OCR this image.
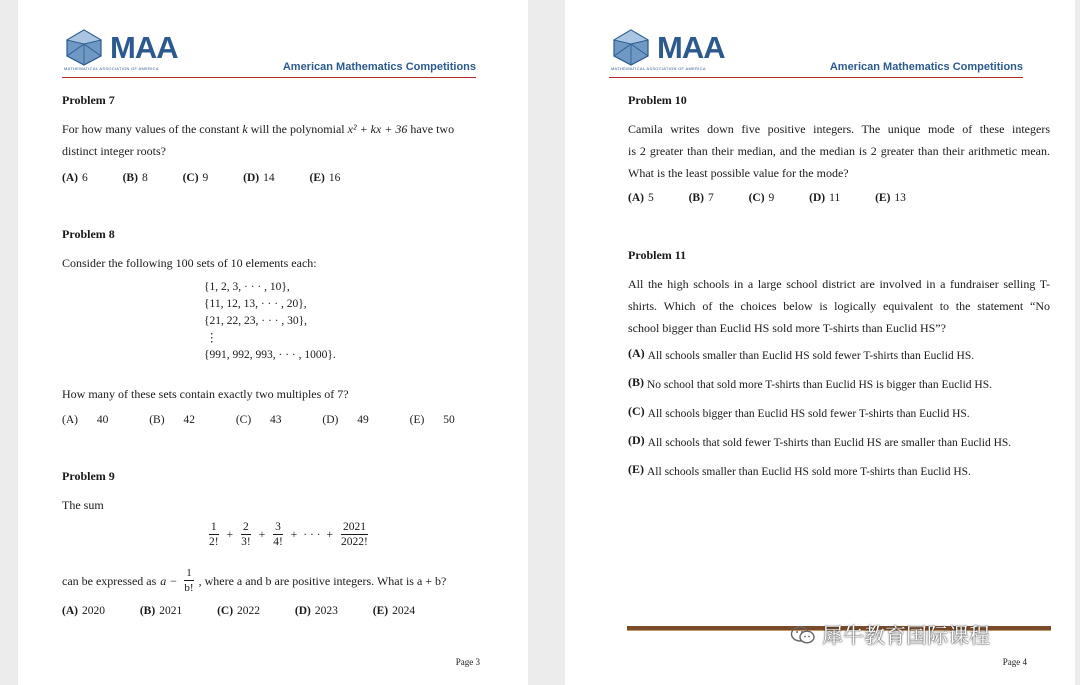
MAA
MATHEMATICAL ASSOCIATION OF AMERICA	American Mathematics Competitions
Problem 7
For how many values of the constant k will the polynomial x² + kx + 36 have two
distinct integer roots?
(A) 6	(B) 8	(C) 9	(D) 14	(E) 16
Problem 8
Consider the following 100 sets of 10 elements each:
{1, 2, 3, · · · , 10},
{11, 12, 13, · · · , 20},
{21, 22, 23, · · · , 30},
⋮
{991, 992, 993, · · · , 1000}.
How many of these sets contain exactly two multiples of 7?
(A) 40	(B) 42	(C) 43	(D) 49	(E) 50
Problem 9
The sum
$\frac{1}{2!} + \frac{2}{3!} + \frac{3}{4!}$ + · · · + $\frac{2021}{2022!}$
can be expressed as $a - \frac{1}{b!}$ , where a and b are positive integers. What is a + b?
(A) 2020	(B) 2021	(C) 2022	(D) 2023	(E) 2024
Page 3
MAA
MATHEMATICAL ASSOCIATION OF AMERICA	American Mathematics Competitions
Problem 10
Camila writes down five positive integers. The unique mode of these integers
is 2 greater than their median, and the median is 2 greater than their arithmetic mean.
What is the least possible value for the mode?
(A) 5	(B) 7	(C) 9	(D) 11	(E) 13
Problem 11
All the high schools in a large school district are involved in a fundraiser selling T-
shirts. Which of the choices below is logically equivalent to the statement “No
school bigger than Euclid HS sold more T-shirts than Euclid HS”?
(A) All schools smaller than Euclid HS sold fewer T-shirts than Euclid HS.
(B) No school that sold more T-shirts than Euclid HS is bigger than Euclid HS.
(C) All schools bigger than Euclid HS sold fewer T-shirts than Euclid HS.
(D) All schools that sold fewer T-shirts than Euclid HS are smaller than Euclid HS.
(E) All schools smaller than Euclid HS sold more T-shirts than Euclid HS.
犀牛教育国际课程
Page 4
